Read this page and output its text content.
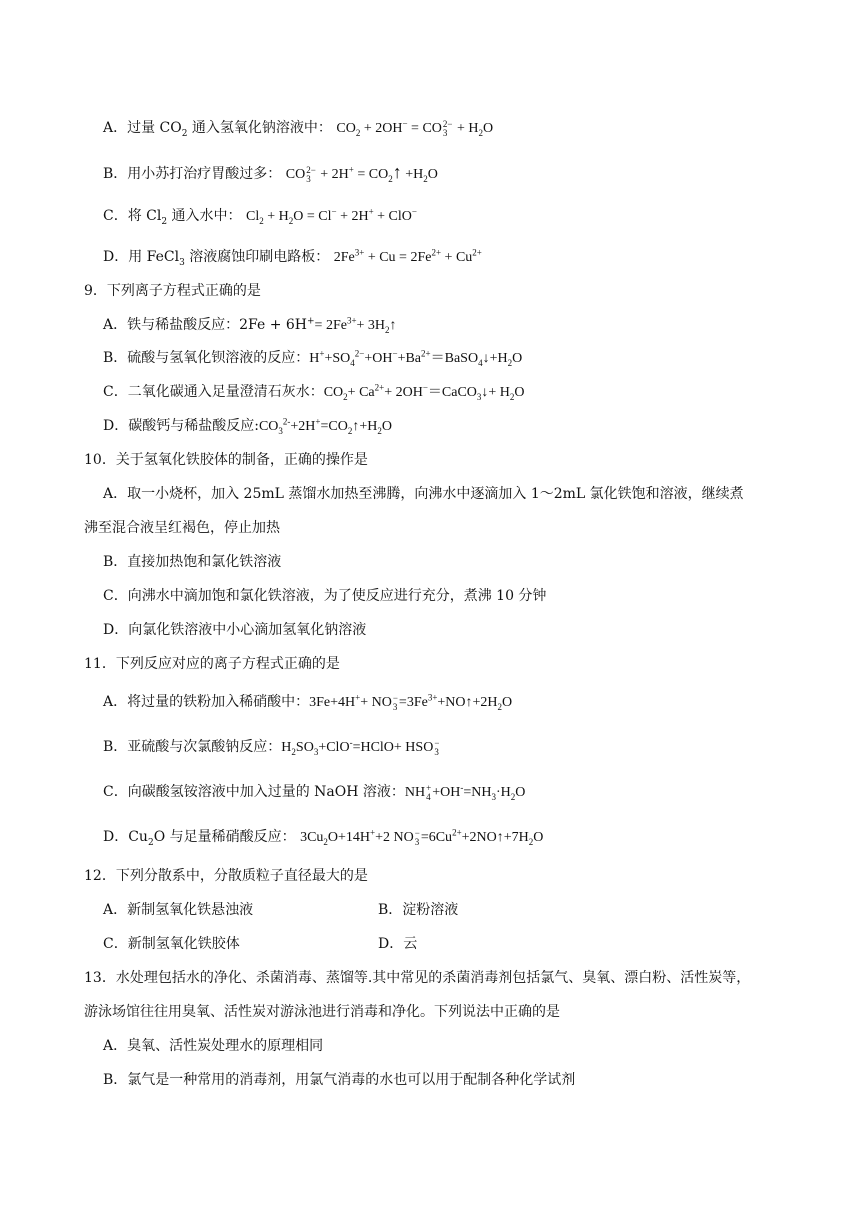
A．过量 $CO_2$ 通入氢氧化钠溶液中： $CO_2 + 2OH^-$ = CO 2−
$3 + H_2O$
B．用小苏打治疗胃酸过多： CO 2−
$3 + 2H^+ = CO_2↑ +H_2O$
C．将 $Cl_2$ 通入水中： $Cl_2 + H_2O = Cl^- + 2H^+ + ClO^-$
D．用 FeCl$_3$ 溶液腐蚀印刷电路板： $2Fe^{3+} + Cu = 2Fe^{2+} + Cu^{2+}$
9．下列离子方程式正确的是
A．铁与稀盐酸反应：$2Fe + 6H^+= 2Fe^{3+}+$ $3H_2↑$
B．硫酸与氢氧化钡溶液的反应：$H^++SO_4^{2-}+OH^-+Ba^{2+}=BaSO_4↓+H_2O$
C．二氧化碳通入足量澄清石灰水：$CO_2+ Ca^{2+}+$ 2OH−＝CaCO$_3$↓+ $H_2O$
D．碳酸钙与稀盐酸反应$:CO_3^{2-}+2H^+=CO_2↑+H_2O$
10．关于氢氧化铁胶体的制备，正确的操作是
A．取一小烧杯，加入 25mL 蒸馏水加热至沸腾，向沸水中逐滴加入 1～2mL 氯化铁饱和溶液，继续煮
沸至混合液呈红褐色，停止加热
B．直接加热饱和氯化铁溶液
C．向沸水中滴加饱和氯化铁溶液，为了使反应进行充分，煮沸 10 分钟
D．向氯化铁溶液中小心滴加氢氧化钠溶液
11．下列反应对应的离子方程式正确的是
A．将过量的铁粉加入稀硝酸中：3Fe+4H++ NO −
$3 =3Fe^{3+}+NO↑+2H_2O$
B．亚硫酸与次氯酸钠反应：$H_2SO_3+ClO^-=HClO+$ HSO −
3
C．向碳酸氢铵溶液中加入过量的 NaOH 溶液：NH +
$4 +OH^-=NH_3\cdot H_2O$
D．$Cu_2O$ 与足量稀硝酸反应： $3Cu_2O+14H^++2$ NO −
$3 =6Cu^{2+}+2NO↑+7H_2O$
12．下列分散系中，分散质粒子直径最大的是
A．新制氢氧化铁悬浊液	B．淀粉溶液
C．新制氢氧化铁胶体	D．云
13．水处理包括水的净化、杀菌消毒、蒸馏等.其中常见的杀菌消毒剂包括氯气、臭氧、漂白粉、活性炭等，
游泳场馆往往用臭氧、活性炭对游泳池进行消毒和净化。下列说法中正确的是
A．臭氧、活性炭处理水的原理相同
B．氯气是一种常用的消毒剂，用氯气消毒的水也可以用于配制各种化学试剂
